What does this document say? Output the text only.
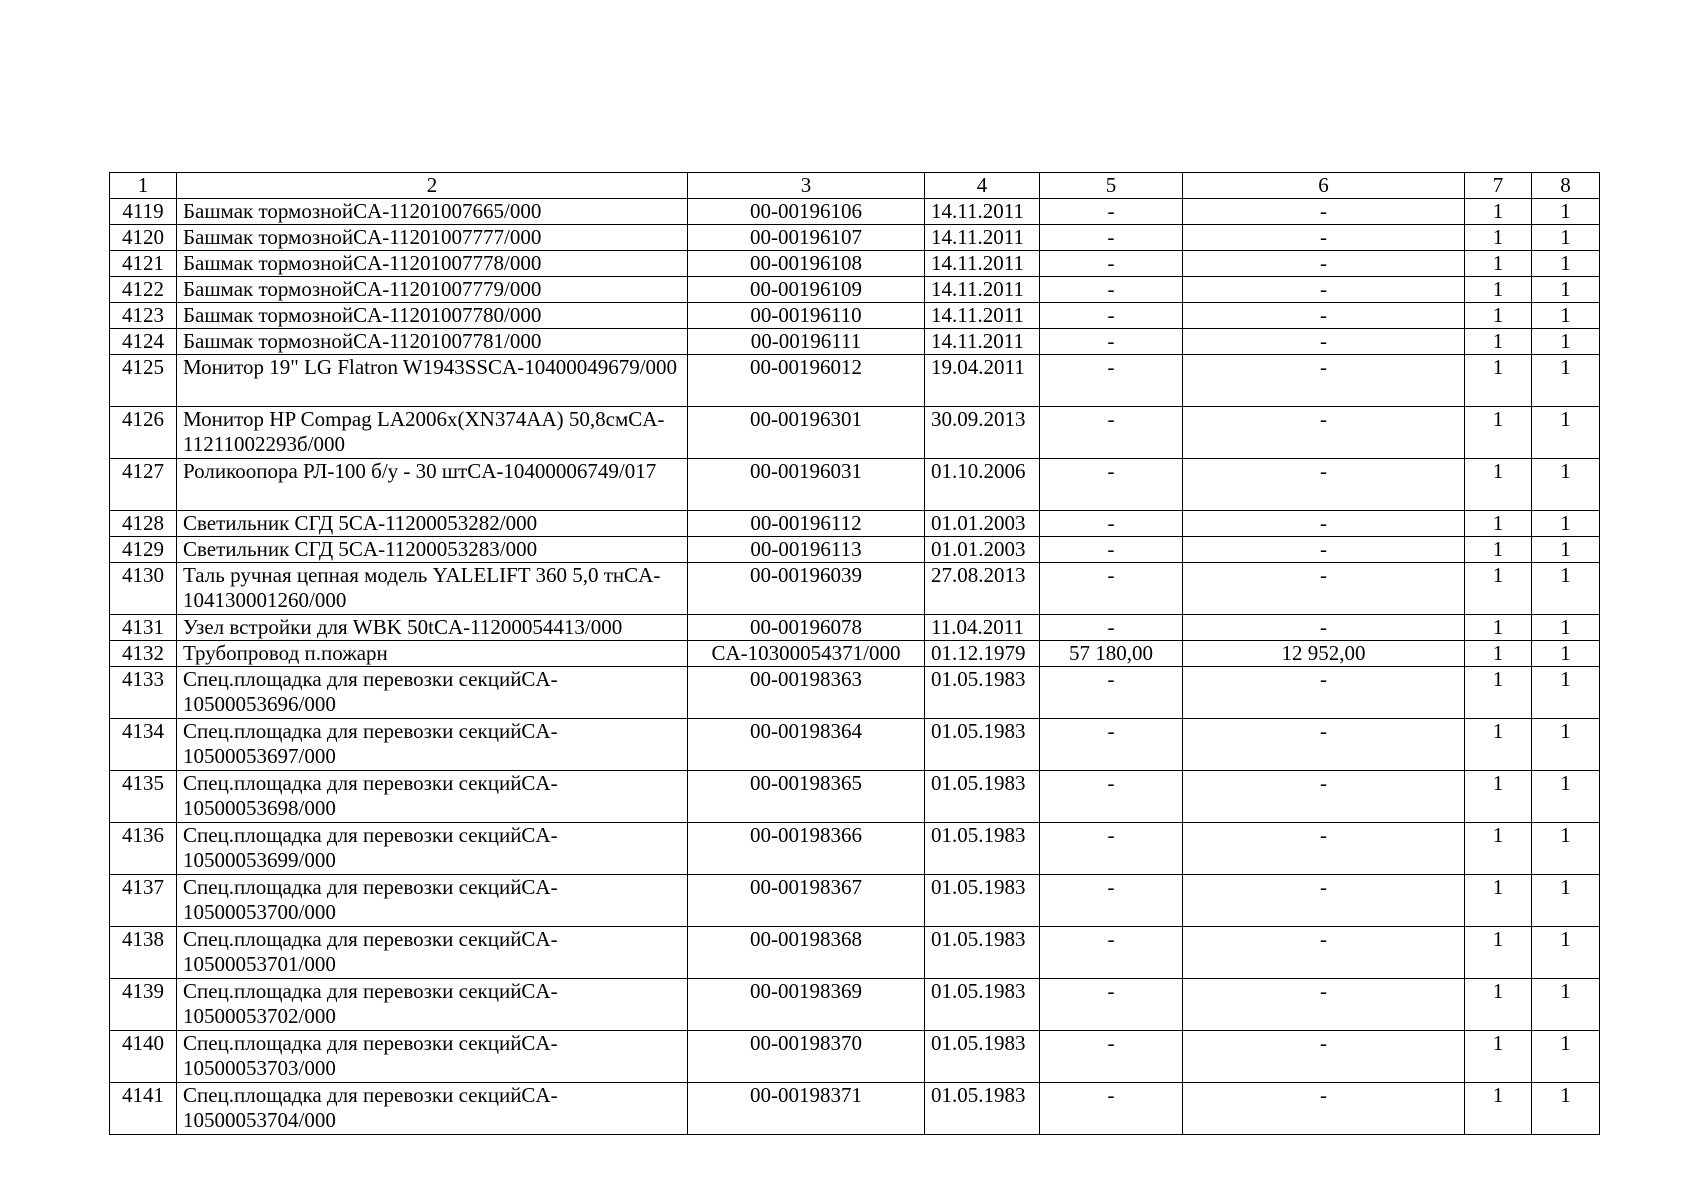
1	2	3	4	5	6	7	8
4119	Башмак тормознойCA-11201007665/000	00-00196106	14.11.2011	-	-	1	1
4120	Башмак тормознойCA-11201007777/000	00-00196107	14.11.2011	-	-	1	1
4121	Башмак тормознойCA-11201007778/000	00-00196108	14.11.2011	-	-	1	1
4122	Башмак тормознойCA-11201007779/000	00-00196109	14.11.2011	-	-	1	1
4123	Башмак тормознойCA-11201007780/000	00-00196110	14.11.2011	-	-	1	1
4124	Башмак тормознойCA-11201007781/000	00-00196111	14.11.2011	-	-	1	1
4125	Монитор 19" LG Flatron W1943SSCA-10400049679/000	00-00196012	19.04.2011	-	-	1	1
4126	Монитор HP Compag LA2006x(XN374AA) 50,8смCA-11211002293б/000	00-00196301	30.09.2013	-	-	1	1
4127	Роликоопора РЛ-100 б/у - 30 штCA-10400006749/017	00-00196031	01.10.2006	-	-	1	1
4128	Светильник СГД 5CA-11200053282/000	00-00196112	01.01.2003	-	-	1	1
4129	Светильник СГД 5CA-11200053283/000	00-00196113	01.01.2003	-	-	1	1
4130	Таль ручная цепная модель YALELIFT 360 5,0 тнCA-104130001260/000	00-00196039	27.08.2013	-	-	1	1
4131	Узел встройки для WBK 50tCA-11200054413/000	00-00196078	11.04.2011	-	-	1	1
4132	Трубопровод п.пожарн	CA-10300054371/000	01.12.1979	57 180,00	12 952,00	1	1
4133	Спец.площадка для перевозки секцийCA-10500053696/000	00-00198363	01.05.1983	-	-	1	1
4134	Спец.площадка для перевозки секцийCA-10500053697/000	00-00198364	01.05.1983	-	-	1	1
4135	Спец.площадка для перевозки секцийCA-10500053698/000	00-00198365	01.05.1983	-	-	1	1
4136	Спец.площадка для перевозки секцийCA-10500053699/000	00-00198366	01.05.1983	-	-	1	1
4137	Спец.площадка для перевозки секцийCA-10500053700/000	00-00198367	01.05.1983	-	-	1	1
4138	Спец.площадка для перевозки секцийCA-10500053701/000	00-00198368	01.05.1983	-	-	1	1
4139	Спец.площадка для перевозки секцийCA-10500053702/000	00-00198369	01.05.1983	-	-	1	1
4140	Спец.площадка для перевозки секцийCA-10500053703/000	00-00198370	01.05.1983	-	-	1	1
4141	Спец.площадка для перевозки секцийCA-10500053704/000	00-00198371	01.05.1983	-	-	1	1
